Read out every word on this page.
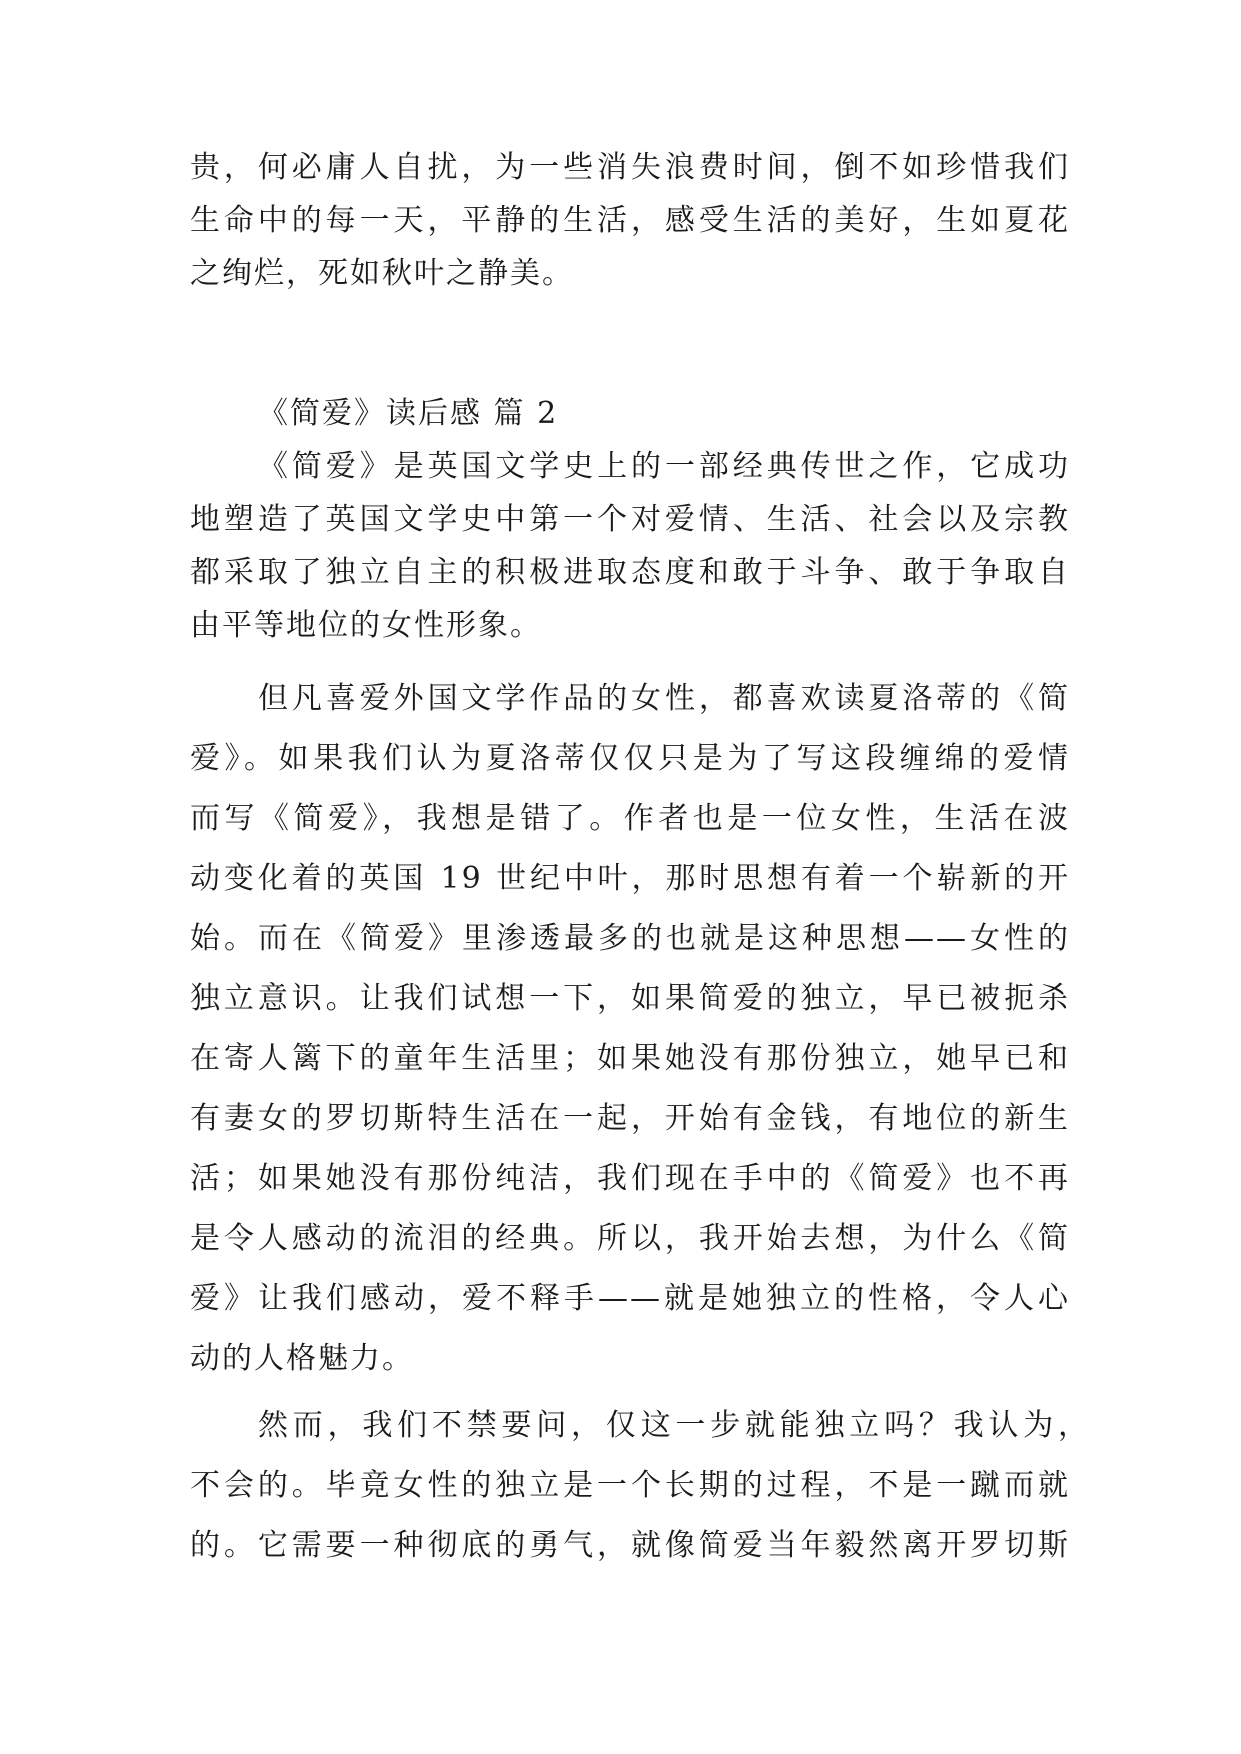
贵，何必庸人自扰，为一些消失浪费时间，倒不如珍惜我们
生命中的每一天，平静的生活，感受生活的美好，生如夏花
之绚烂，死如秋叶之静美。
《简爱》读后感 篇 2
《简爱》是英国文学史上的一部经典传世之作，它成功
地塑造了英国文学史中第一个对爱情、生活、社会以及宗教
都采取了独立自主的积极进取态度和敢于斗争、敢于争取自
由平等地位的女性形象。
但凡喜爱外国文学作品的女性，都喜欢读夏洛蒂的《简
爱》。如果我们认为夏洛蒂仅仅只是为了写这段缠绵的爱情
而写《简爱》，我想是错了。作者也是一位女性，生活在波
动变化着的英国 19 世纪中叶，那时思想有着一个崭新的开
始。而在《简爱》里渗透最多的也就是这种思想——女性的
独立意识。让我们试想一下，如果简爱的独立，早已被扼杀
在寄人篱下的童年生活里；如果她没有那份独立，她早已和
有妻女的罗切斯特生活在一起，开始有金钱，有地位的新生
活；如果她没有那份纯洁，我们现在手中的《简爱》也不再
是令人感动的流泪的经典。所以，我开始去想，为什么《简
爱》让我们感动，爱不释手——就是她独立的性格，令人心
动的人格魅力。
然而，我们不禁要问，仅这一步就能独立吗？我认为，
不会的。毕竟女性的独立是一个长期的过程，不是一蹴而就
的。它需要一种彻底的勇气，就像简爱当年毅然离开罗切斯
